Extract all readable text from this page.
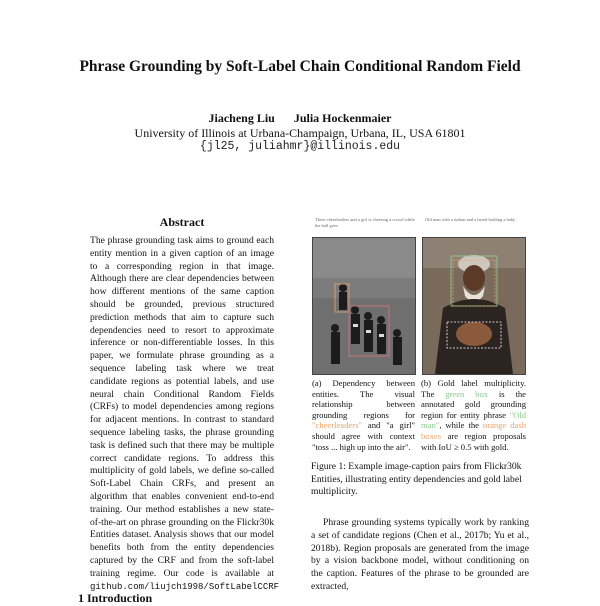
Phrase Grounding by Soft-Label Chain Conditional Random Field
Jiacheng Liu Julia Hockenmaier
University of Illinois at Urbana-Champaign, Urbana, IL, USA 61801
{jl25, juliahmr}@illinois.edu
Abstract

The phrase grounding task aims to ground each entity mention in a given caption of an image to a corresponding region in that image. Although there are clear dependencies between how different mentions of the same caption should be grounded, previous structured prediction methods that aim to capture such dependencies need to resort to approximate inference or non-differentiable losses. In this paper, we formulate phrase grounding as a sequence labeling task where we treat candidate regions as potential labels, and use neural chain Conditional Random Fields (CRFs) to model dependencies among regions for adjacent mentions. In contrast to standard sequence labeling tasks, the phrase grounding task is defined such that there may be multiple correct candidate regions. To address this multiplicity of gold labels, we define so-called Soft-Label Chain CRFs, and present an algorithm that enables convenient end-to-end training. Our method establishes a new state-of-the-art on phrase grounding on the Flickr30k Entities dataset. Analysis shows that our model benefits both from the entity dependencies captured by the CRF and from the soft-label training regime. Our code is available at github.com/liujch1998/SoftLabelCCRF

1 Introduction
Three cheerleaders and a girl is cheering a crowd while the ball goes
Old man with a turban and a beard holding a baby

(a) Dependency between entities. The visual relationship between grounding regions for "cheerleaders" and "a girl" should agree with context "toss ... high up into the air".

(b) Gold label multiplicity. The green box is the annotated gold grounding region for entity phrase "Old man", while the orange dash boxes are region proposals with IoU ≥ 0.5 with gold.

Figure 1: Example image-caption pairs from Flickr30k Entities, illustrating entity dependencies and gold label multiplicity.

Phrase grounding systems typically work by ranking a set of candidate regions (Chen et al., 2017b; Yu et al., 2018b). Region proposals are generated from the image by a vision backbone model, without conditioning on the caption. Features of the phrase to be grounded are extracted,
